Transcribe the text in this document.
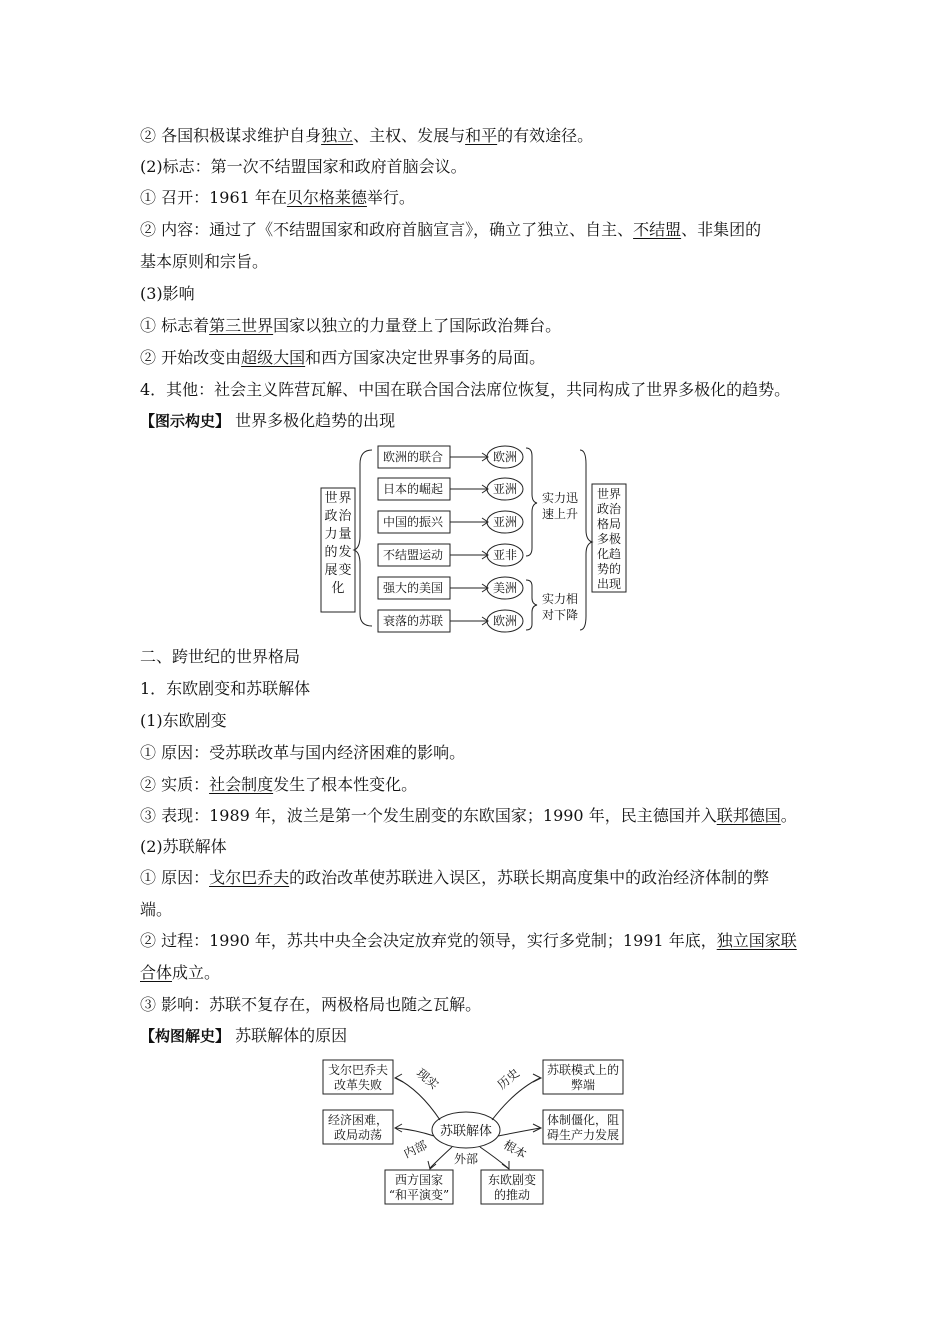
② 各国积极谋求维护自身独立、主权、发展与和平的有效途径。
(2)标志：第一次不结盟国家和政府首脑会议。
① 召开：1961 年在贝尔格莱德举行。
② 内容：通过了《不结盟国家和政府首脑宣言》，确立了独立、自主、不结盟、非集团的
基本原则和宗旨。
(3)影响
① 标志着第三世界国家以独立的力量登上了国际政治舞台。
② 开始改变由超级大国和西方国家决定世界事务的局面。
4．其他：社会主义阵营瓦解、中国在联合国合法席位恢复，共同构成了世界多极化的趋势。
【图示构史】 世界多极化趋势的出现
世 界
政 治
力 量
的 发
展 变
化
欧洲的联合
日本的崛起
中国的振兴
不结盟运动
强大的美国
衰落的苏联
欧洲
亚洲
亚洲
亚非
美洲
欧洲
实力迅
速上升
实力相
对下降
世界
政治
格局
多极
化趋
势的
出现
二、跨世纪的世界格局
1．东欧剧变和苏联解体
(1)东欧剧变
① 原因：受苏联改革与国内经济困难的影响。
② 实质：社会制度发生了根本性变化。
③ 表现：1989 年，波兰是第一个发生剧变的东欧国家；1990 年，民主德国并入联邦德国。
(2)苏联解体
① 原因：戈尔巴乔夫的政治改革使苏联进入误区，苏联长期高度集中的政治经济体制的弊
端。
② 过程：1990 年，苏共中央全会决定放弃党的领导，实行多党制；1991 年底，独立国家联
合体成立。
③ 影响：苏联不复存在，两极格局也随之瓦解。
【构图解史】 苏联解体的原因
苏联解体
戈尔巴乔夫
改革失败
苏联模式上的
弊端
经济困难，
政局动荡
体制僵化，阻
碍生产力发展
西方国家
“和平演变”
东欧剧变
的推动
现实	历史
内部	根本
外部
